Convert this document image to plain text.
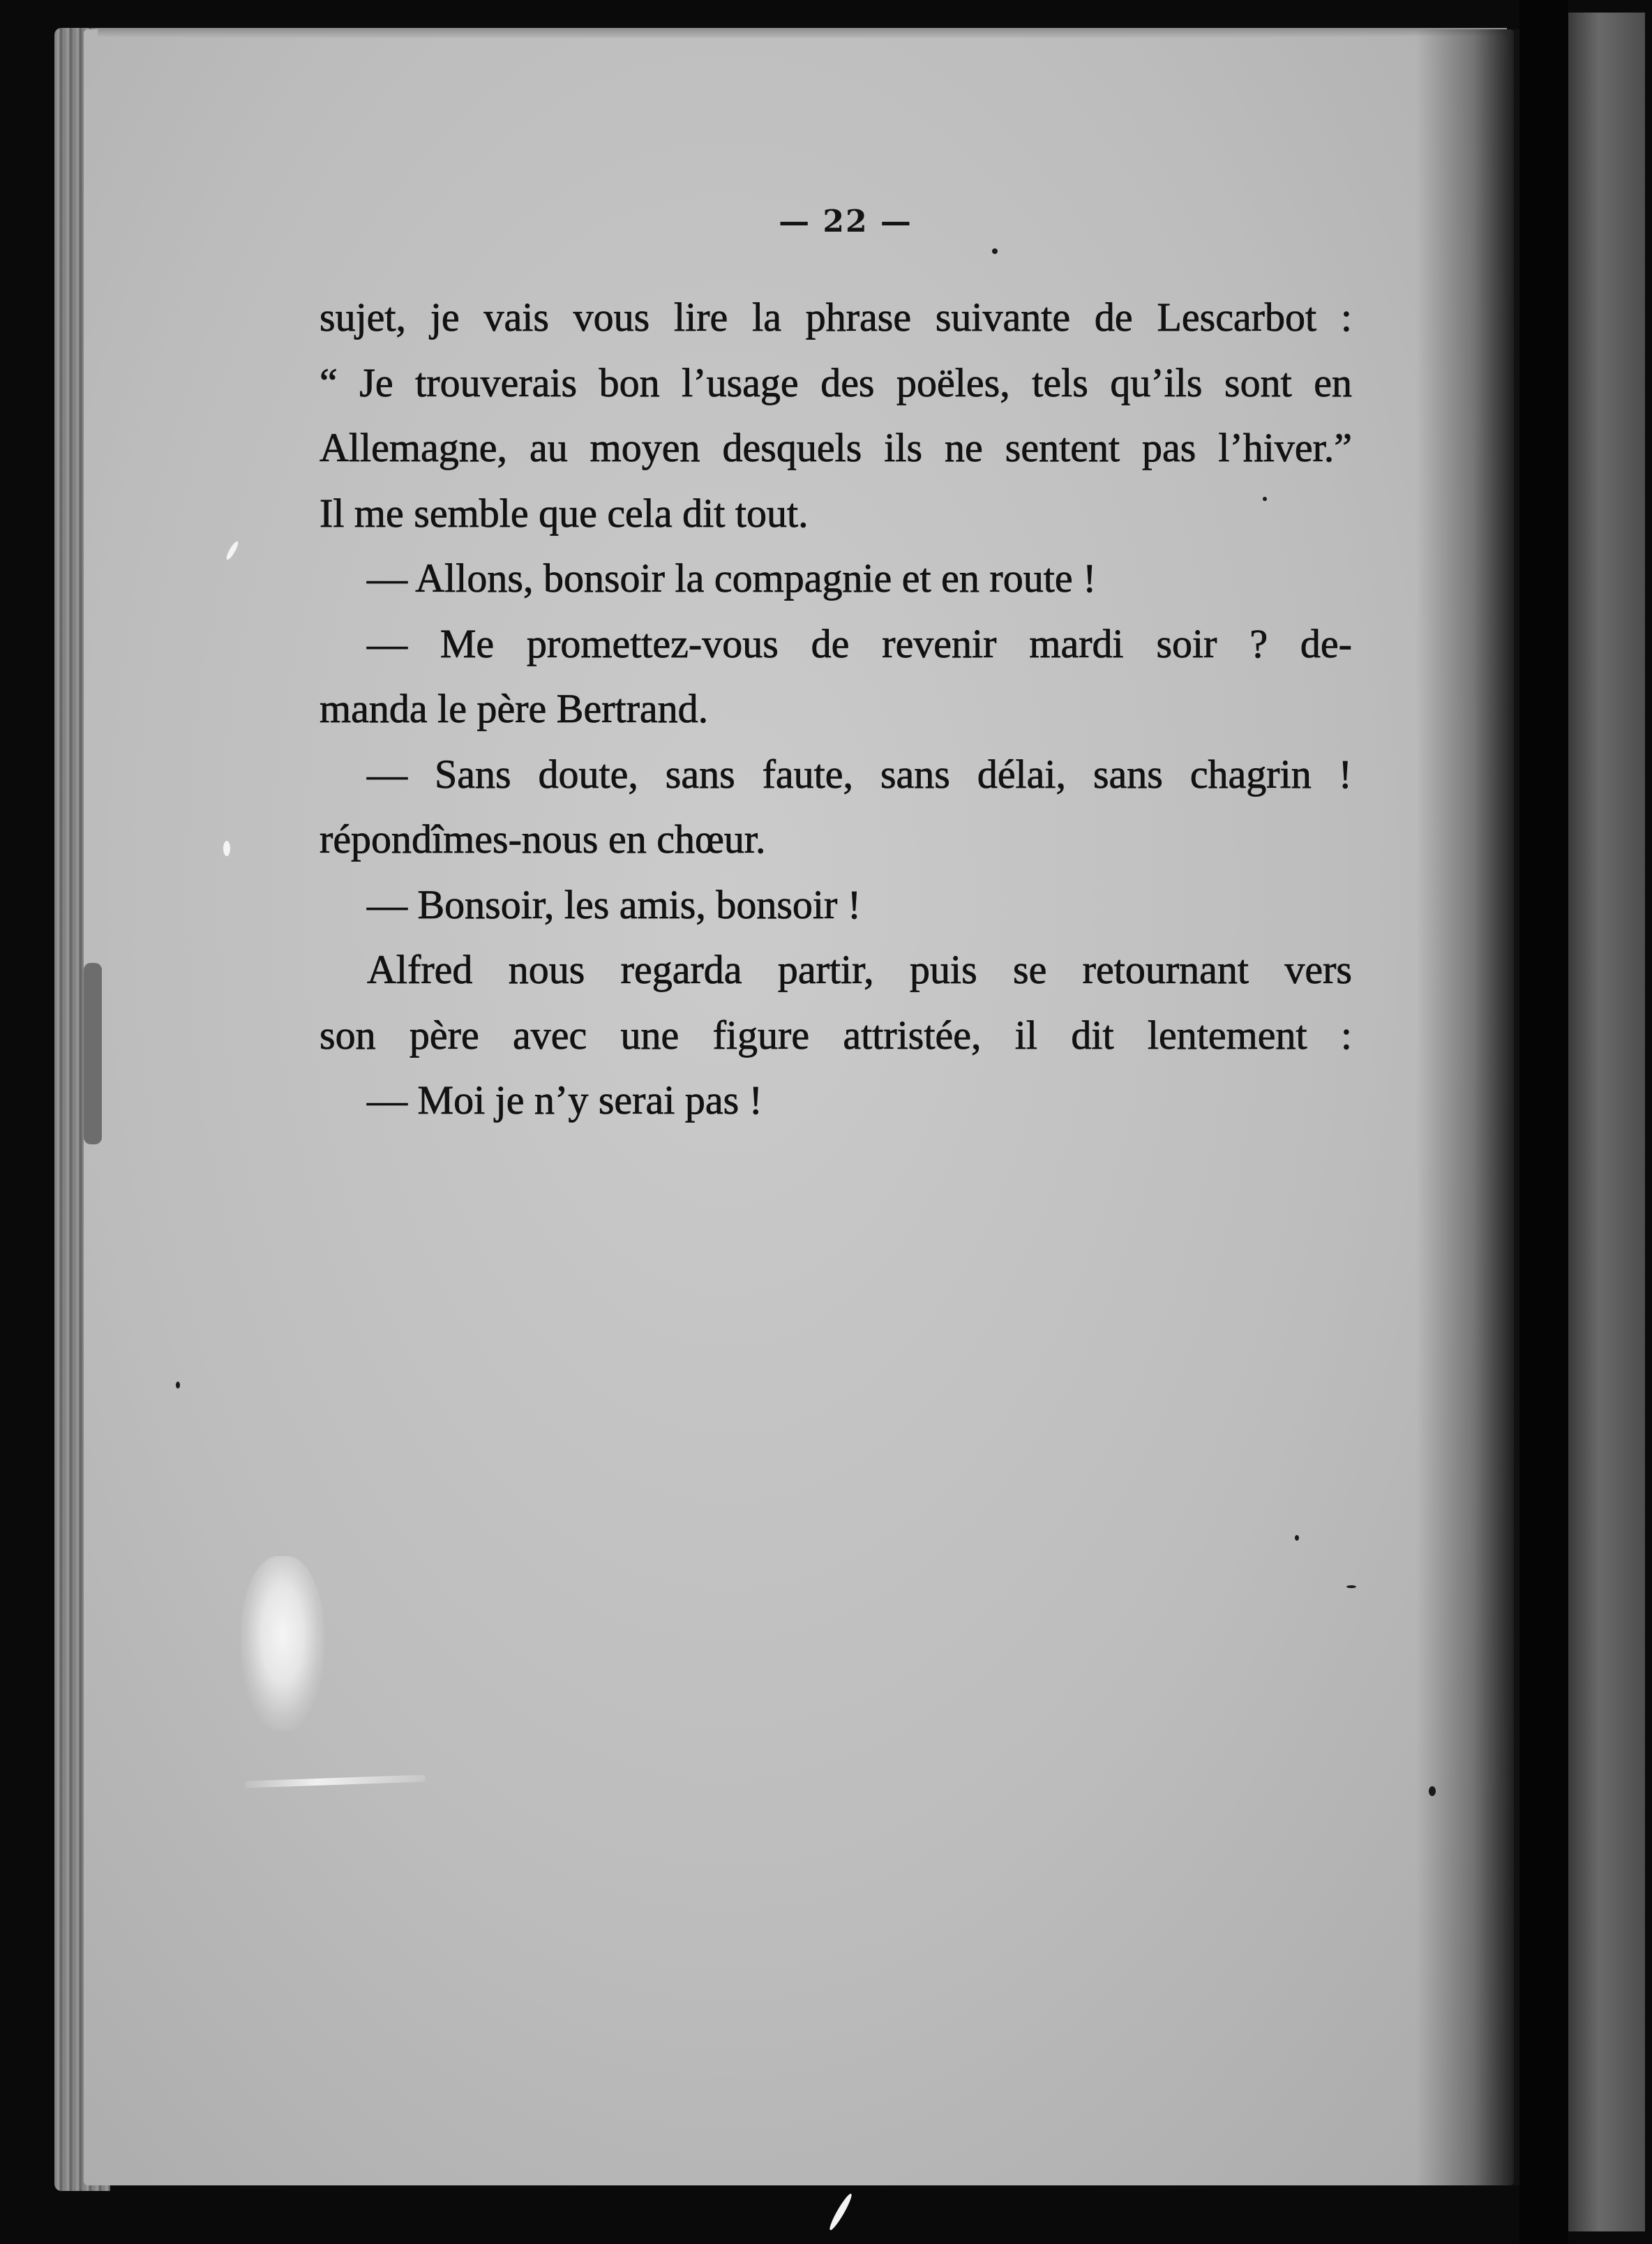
— 22 —
sujet, je vais vous lire la phrase suivante de Lescarbot :
“ Je trouverais bon l’usage des poëles, tels qu’ils sont en
Allemagne, au moyen desquels ils ne sentent pas l’hiver.”
Il me semble que cela dit tout.
— Allons, bonsoir la compagnie et en route !
— Me promettez-vous de revenir mardi soir ? de-
manda le père Bertrand.
— Sans doute, sans faute, sans délai, sans chagrin !
répondîmes-nous en chœur.
— Bonsoir, les amis, bonsoir !
Alfred nous regarda partir, puis se retournant vers
son père avec une figure attristée, il dit lentement :
— Moi je n’y serai pas !
